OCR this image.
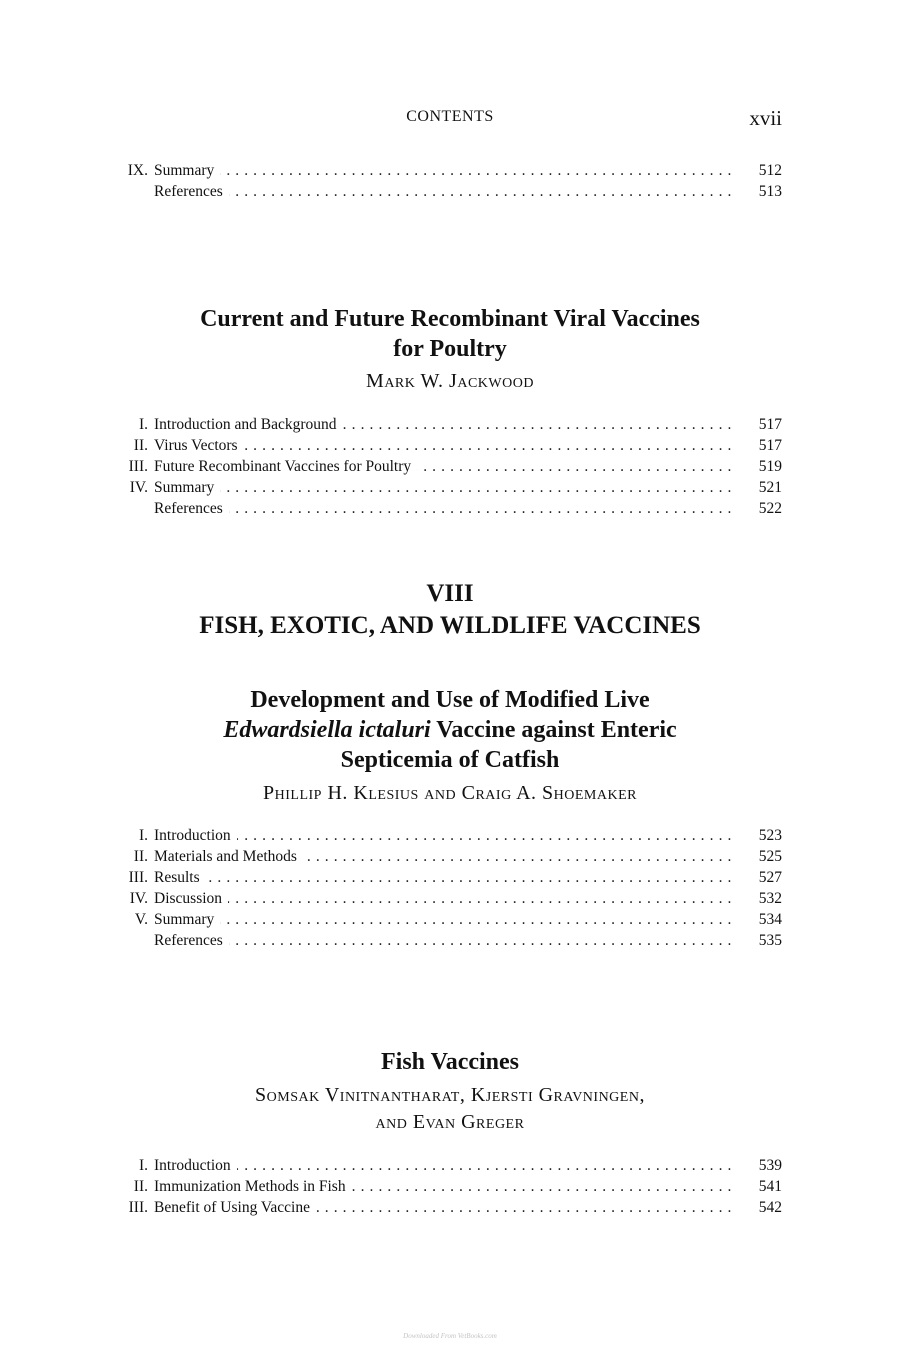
CONTENTS	xvii
IX. Summary . . .	512
References . . .	513
Current and Future Recombinant Viral Vaccines
for Poultry
Mark W. Jackwood
I. Introduction and Background . . .	517
II. Virus Vectors . . .	517
III. Future Recombinant Vaccines for Poultry . . .	519
IV. Summary . . .	521
References . . .	522
VIII
FISH, EXOTIC, AND WILDLIFE VACCINES
Development and Use of Modified Live
Edwardsiella ictaluri Vaccine against Enteric
Septicemia of Catfish
Phillip H. Klesius and Craig A. Shoemaker
I. Introduction . . .	523
II. Materials and Methods . . .	525
III. Results . . .	527
IV. Discussion . . .	532
V. Summary . . .	534
References . . .	535
Fish Vaccines
Somsak Vinitnantharat, Kjersti Gravningen,
and Evan Greger
I. Introduction . . .	539
II. Immunization Methods in Fish . . .	541
III. Benefit of Using Vaccine . . .	542
Downloaded From VetBooks.com
